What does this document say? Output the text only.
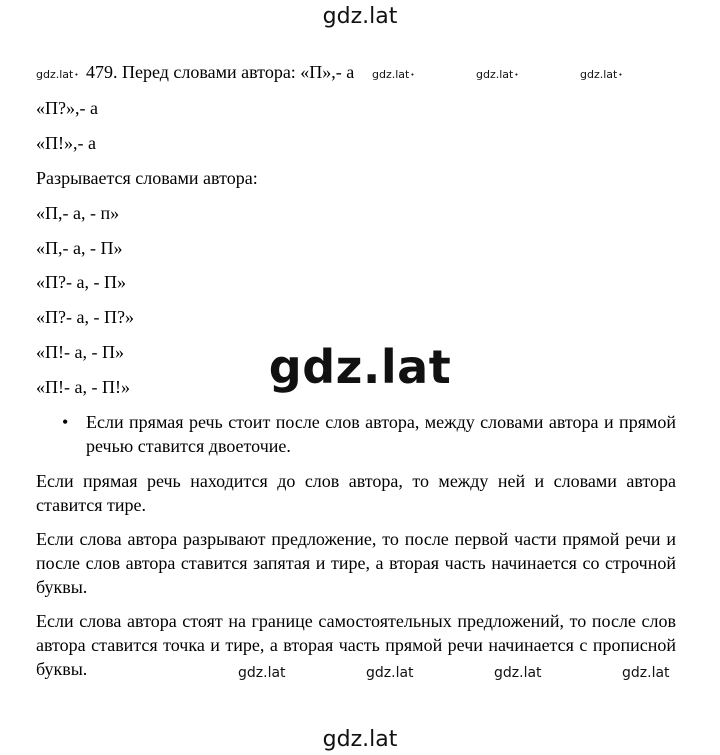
gdz.lat
gdz.lat • 479. Перед словами автора: «П»,- а gdz.lat •	gdz.lat •	gdz.lat •
«П?»,- а
«П!»,- а
Разрывается словами автора:
«П,- а, - п»
«П,- а, - П»
«П?- а, - П»
«П?- а, - П?»
«П!- а, - П»
«П!- а, - П!»
• Если прямая речь стоит после слов автора, между словами автора и прямой речью ставится двоеточие.
Если прямая речь находится до слов автора, то между ней и словами автора ставится тире.
Если слова автора разрывают предложение, то после первой части прямой речи и после слов автора ставится запятая и тире, а вторая часть начинается со строчной буквы.
Если слова автора стоят на границе самостоятельных предложений, то после слов автора ставится точка и тире, а вторая часть прямой речи начинается с прописной буквы.	gdz.lat	gdz.lat	gdz.lat	gdz.lat
gdz.lat
gdz.lat
